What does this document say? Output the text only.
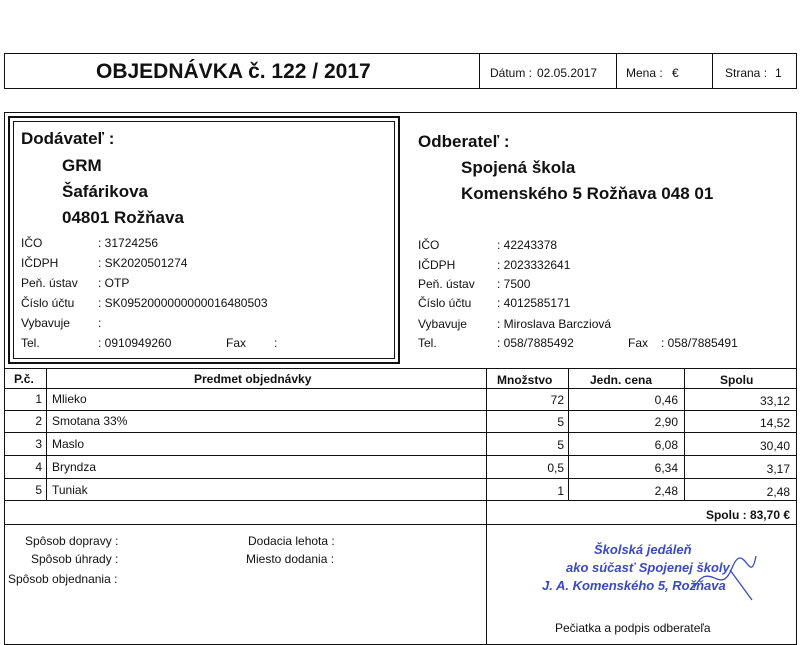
OBJEDNÁVKA č. 122 / 2017	Dátum : 02.05.2017 Mena : €	Strana : 1
Dodávateľ :
GRM
Šafárikova
04801 Rožňava
IČO	: 31724256
IČDPH	: SK2020501274
Peň. ústav : OTP
Číslo účtu : SK0952000000000016480503
Vybavuje :
Tel.	: 0910949260	Fax :
Odberateľ :
Spojená škola
Komenského 5 Rožňava 048 01
IČO	: 42243378
IČDPH	: 2023332641
Peň. ústav : 7500
Číslo účtu : 4012585171
Vybavuje	: Miroslava Barcziová
Tel.	: 058/7885492	Fax : 058/7885491
P.č.	Predmet objednávky	Množstvo	Jedn. cena	Spolu
1 Mlieko	72	0,46	33,12
2 Smotana 33%	5	2,90	14,52
3 Maslo	5	6,08	30,40
4 Bryndza	0,5	6,34	3,17
5 Tuniak	1	2,48	2,48
Spolu : 83,70 €
Spôsob dopravy :
Spôsob úhrady :
Spôsob objednania :
Dodacia lehota :
Miesto dodania :
Školská jedáleň
ako súčasť Spojenej školy
J. A. Komenského 5, Rožňava
Pečiatka a podpis odberateľa
